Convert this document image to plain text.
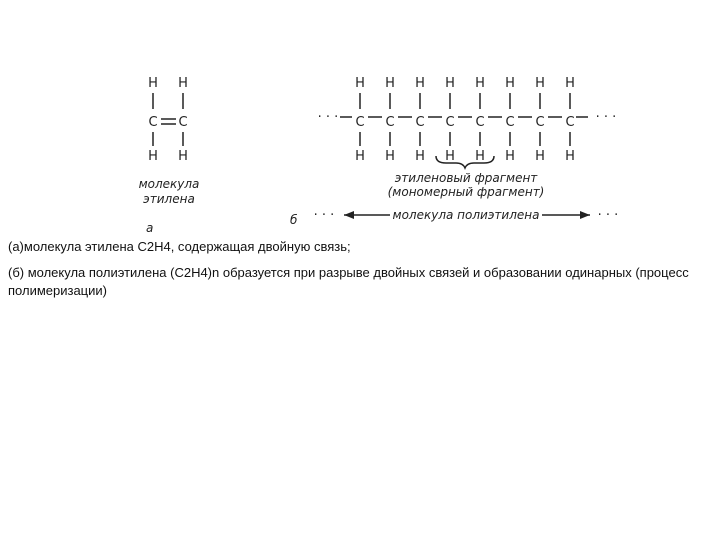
H H
C C
H H
молекула
этилена
а
· · ·	· · ·
H
C
H
H
C
H
H
C
H
H
C
H
H
C
H
H
C
H
H
C
H
H
C
H
этиленовый фрагмент
(мономерный фрагмент)
б · · ·	молекула полиэтилена	· · ·

(а)молекула этилена С2Н4, содержащая двойную связь;

(б) молекула полиэтилена (С2Н4)n образуется при разрыве двойных связей и образовании одинарных (процесс полимеризации)
